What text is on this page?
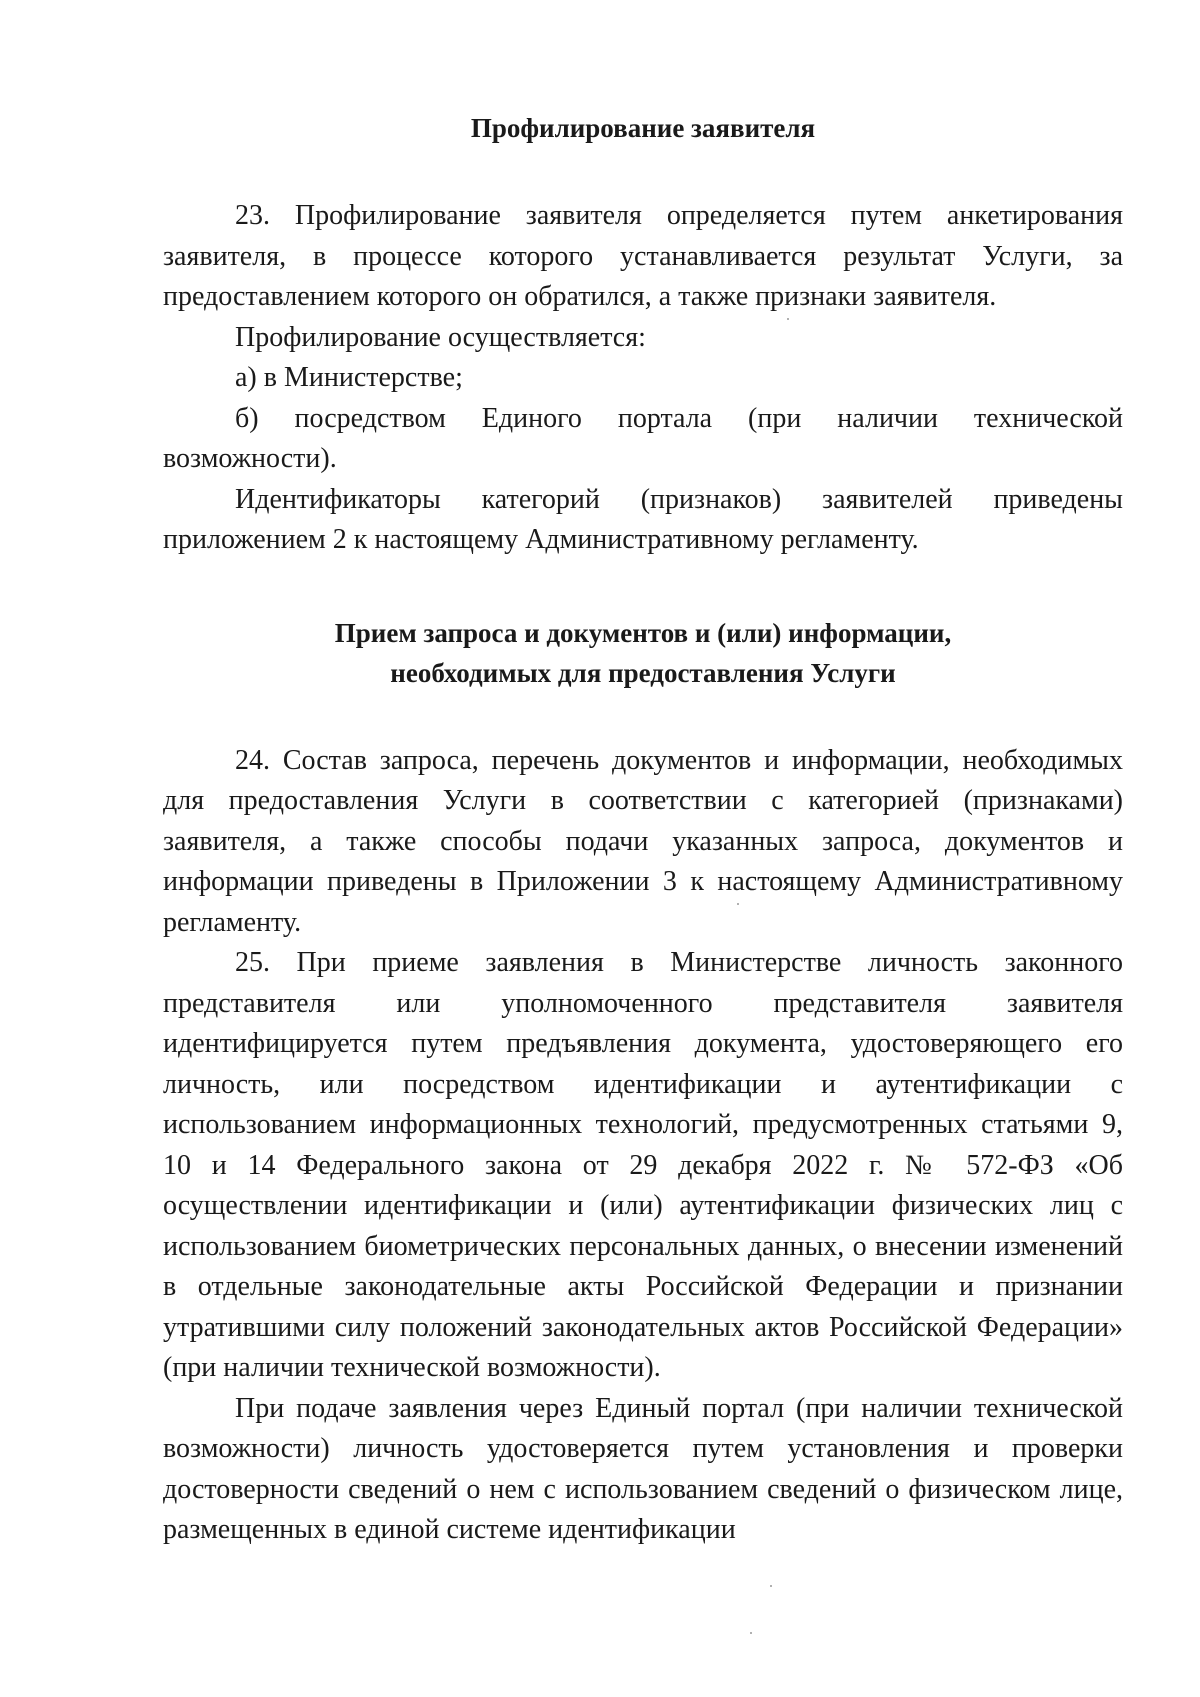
Профилирование заявителя

23. Профилирование заявителя определяется путем анкетирования заявителя, в процессе которого устанавливается результат Услуги, за предоставлением которого он обратился, а также признаки заявителя.

Профилирование осуществляется:

а) в Министерстве;

б) посредством Единого портала (при наличии технической возможности).

Идентификаторы категорий (признаков) заявителей приведены приложением 2 к настоящему Административному регламенту.

Прием запроса и документов и (или) информации,
необходимых для предоставления Услуги

24. Состав запроса, перечень документов и информации, необходимых для предоставления Услуги в соответствии с категорией (признаками) заявителя, а также способы подачи указанных запроса, документов и информации приведены в Приложении 3 к настоящему Административному регламенту.

25. При приеме заявления в Министерстве личность законного представителя или уполномоченного представителя заявителя идентифицируется путем предъявления документа, удостоверяющего его личность, или посредством идентификации и аутентификации с использованием информационных технологий, предусмотренных статьями 9, 10 и 14 Федерального закона от 29 декабря 2022 г. № 572-ФЗ «Об осуществлении идентификации и (или) аутентификации физических лиц с использованием биометрических персональных данных, о внесении изменений в отдельные законодательные акты Российской Федерации и признании утратившими силу положений законодательных актов Российской Федерации» (при наличии технической возможности).

При подаче заявления через Единый портал (при наличии технической возможности) личность удостоверяется путем установления и проверки достоверности сведений о нем с использованием сведений о физическом лице, размещенных в единой системе идентификации
